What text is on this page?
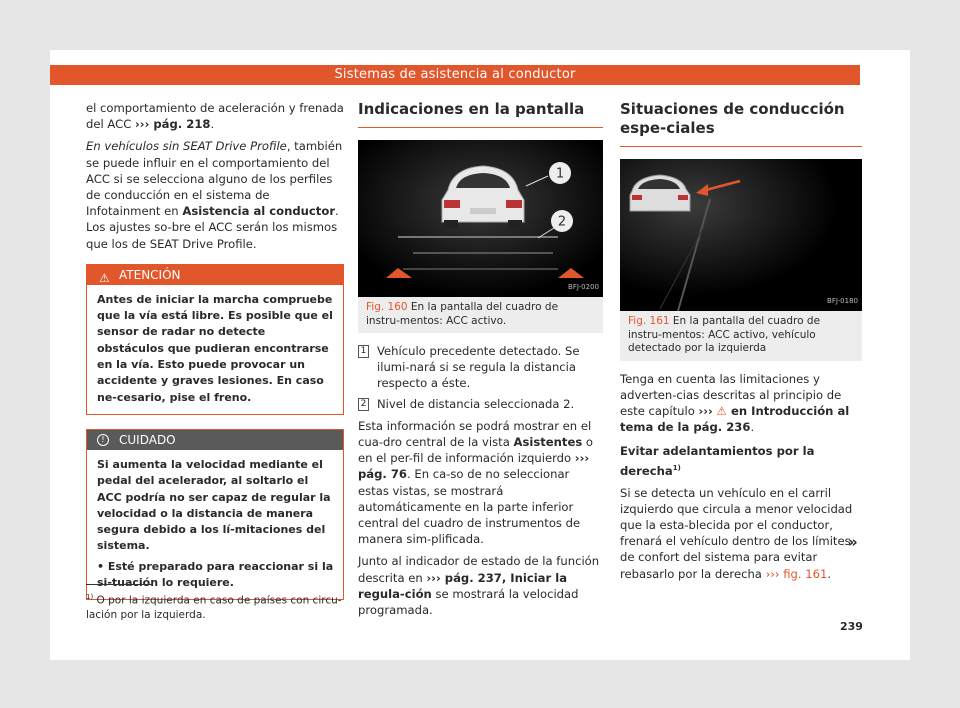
Sistemas de asistencia al conductor

el comportamiento de aceleración y frenada del ACC ››› pág. 218.

En vehículos sin SEAT Drive Profile, también se puede influir en el comportamiento del ACC si se selecciona alguno de los perfiles de conducción en el sistema de Infotainment en Asistencia al conductor. Los ajustes so-bre el ACC serán los mismos que los de SEAT Drive Profile.

⚠ ATENCIÓN
Antes de iniciar la marcha compruebe que la vía está libre. Es posible que el sensor de radar no detecte obstáculos que pudieran encontrarse en la vía. Esto puede provocar un accidente y graves lesiones. En caso ne-cesario, pise el freno.
!	CUIDADO
Si aumenta la velocidad mediante el pedal del acelerador, al soltarlo el ACC podría no ser capaz de regular la velocidad o la distancia de manera segura debido a los lí-mitaciones del sistema.
• Esté preparado para reaccionar si la si-tuación lo requiere.
Indicaciones en la pantalla
1
2
BFJ-0200
Fig. 160 En la pantalla del cuadro de instru-mentos: ACC activo.
1 Vehículo precedente detectado. Se ilumi-nará si se regula la distancia respecto a éste.
2 Nivel de distancia seleccionada 2.

Esta información se podrá mostrar en el cua-dro central de la vista Asistentes o en el per-fil de información izquierdo ››› pág. 76. En ca-so de no seleccionar estas vistas, se mostrará automáticamente en la parte inferior central del cuadro de instrumentos de manera sim-plificada.

Junto al indicador de estado de la función descrita en ››› pág. 237, Iniciar la regula-ción se mostrará la velocidad programada.

Situaciones de conducción espe-ciales
BFJ-0180
Fig. 161 En la pantalla del cuadro de instru-mentos: ACC activo, vehículo detectado por la izquierda

Tenga en cuenta las limitaciones y adverten-cias descritas al principio de este capítulo ››› ⚠ en Introducción al tema de la pág. 236.

Evitar adelantamientos por la derecha$^{1)}$

Si se detecta un vehículo en el carril izquierdo que circula a menor velocidad que la esta-blecida por el conductor, frenará el vehículo dentro de los límites de confort del sistema para evitar rebasarlo por la derecha ››› fig. 161.

»
$^{1)}$ O por la izquierda en caso de países con circu-lación por la izquierda.
239
